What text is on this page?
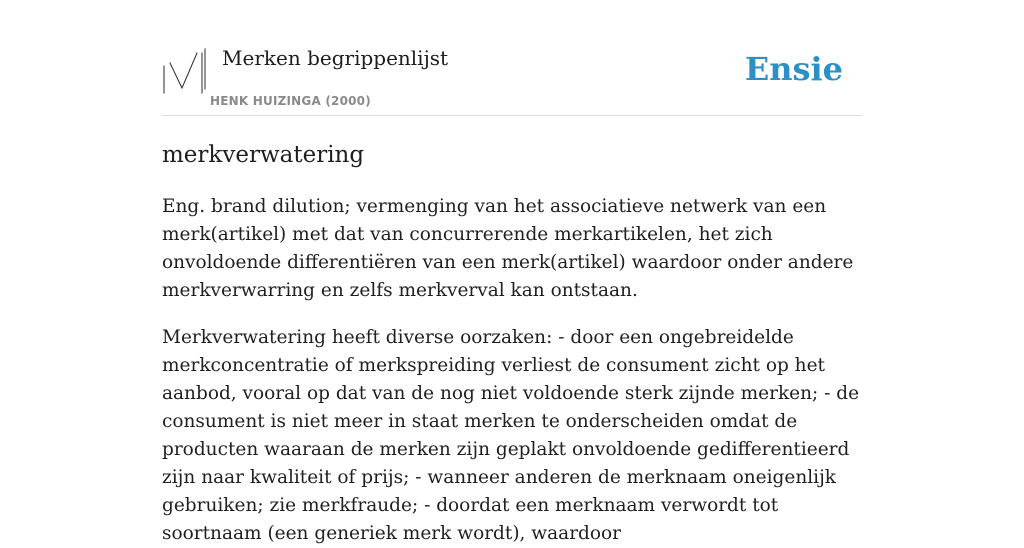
Merken begrippenlijst
HENK HUIZINGA (2000)
Ensie
merkverwatering

Eng. brand dilution; vermenging van het associatieve netwerk van een merk(artikel) met dat van concurrerende merkartikelen, het zich onvoldoende differentiëren van een merk(artikel) waardoor onder andere merkverwarring en zelfs merkverval kan ontstaan.

Merkverwatering heeft diverse oorzaken: - door een ongebreidelde merkconcentratie of merkspreiding verliest de consument zicht op het aanbod, vooral op dat van de nog niet voldoende sterk zijnde merken; - de consument is niet meer in staat merken te onderscheiden omdat de producten waaraan de merken zijn geplakt onvoldoende gedifferentieerd zijn naar kwaliteit of prijs; - wanneer anderen de merknaam oneigenlijk gebruiken; zie merkfraude; - doordat een merknaam verwordt tot soortnaam (een generiek merk wordt), waardoor
